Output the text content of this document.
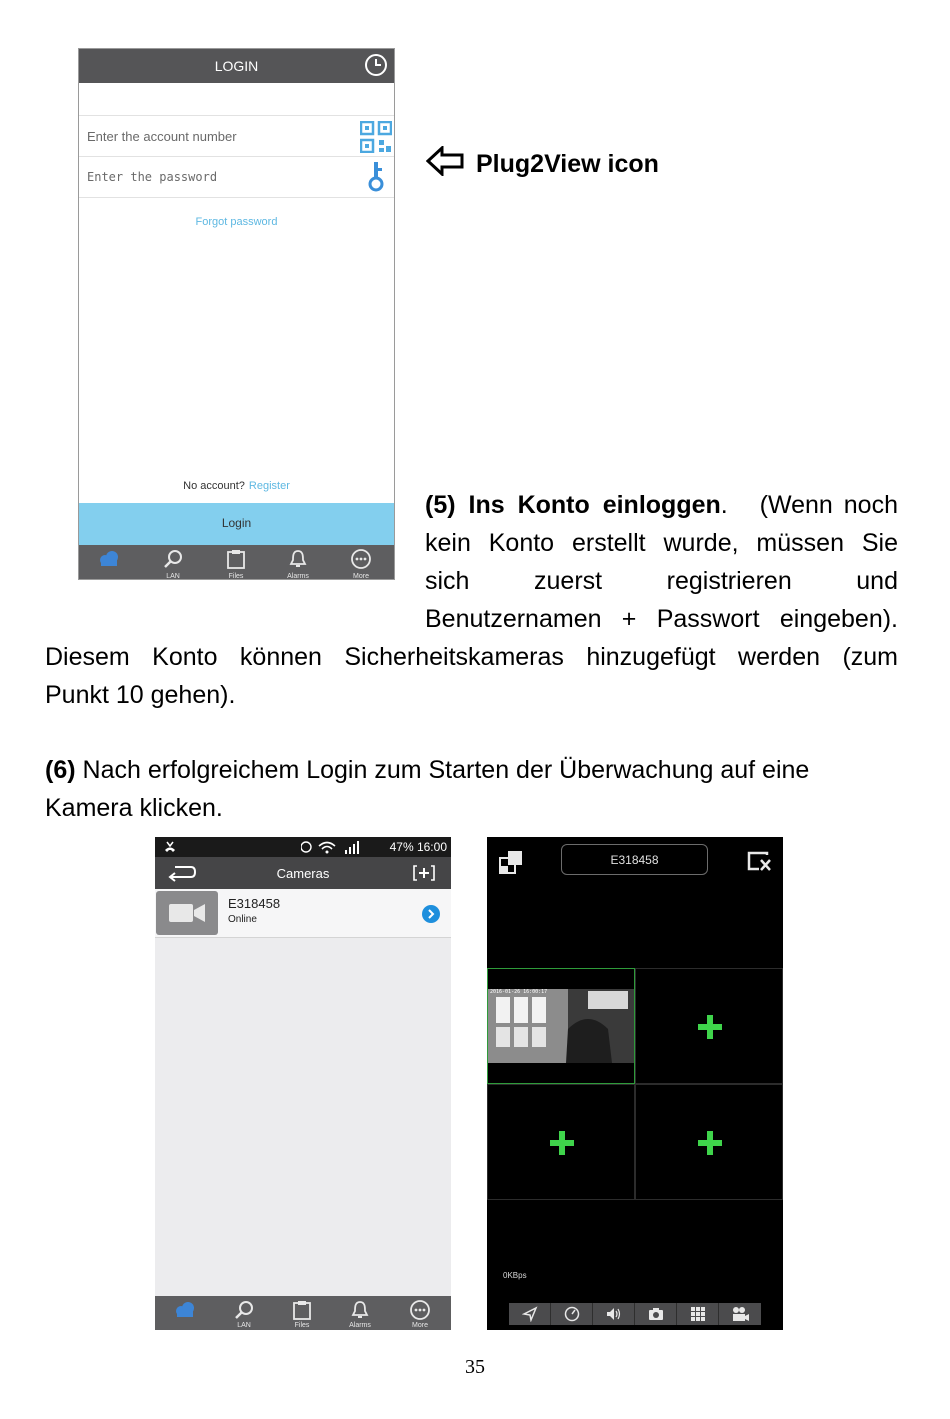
LOGIN
Enter the account number
Enter the password
Forgot password
No account? Register
Login
LAN	Files	Alarms	More
Plug2View icon
(5) Ins Konto einloggen. (Wenn noch
kein Konto erstellt wurde, müssen Sie
sich zuerst registrieren und
Benutzernamen + Passwort eingeben).
Diesem Konto können Sicherheitskameras hinzugefügt werden (zum
Punkt 10 gehen).
(6) Nach erfolgreichem Login zum Starten der Überwachung auf eine
Kamera klicken.
47% 16:00
Cameras
E318458
Online
LAN	Files	Alarms	More
E318458
2016-01-26 16:00:17
0KBps
35
